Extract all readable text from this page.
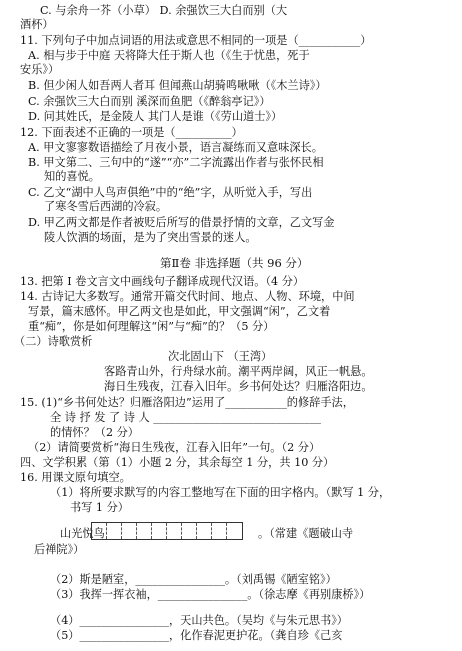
C. 与余舟一芥（小草） D. 余强饮三大白而别（大
酒杯）
11. 下列句子中加点词语的用法或意思不相同的一项是（___________）
A. 相与步于中庭 天将降大任于斯人也（《生于忧患，死于
安乐》）
B. 但少闲人如吾两人者耳 但闻燕山胡骑鸣啾啾（《木兰诗》）
C. 余强饮三大白而别 溪深而鱼肥（《醉翁亭记》）
D. 问其姓氏，是金陵人 其门人是谁（《劳山道士》）
12. 下面表述不正确的一项是（__________）
A. 甲文寥寥数语描绘了月夜小景，语言凝练而又意味深长。
B. 甲文第二、三句中的“遂”“亦”二字流露出作者与张怀民相
知的喜悦。
C. 乙文“湖中人鸟声俱绝”中的“绝”字，从听觉入手，写出
了寒冬雪后西湖的冷寂。
D. 甲乙两文都是作者被贬后所写的借景抒情的文章，乙文写金
陵人饮酒的场面，是为了突出雪景的迷人。
第Ⅱ卷 非选择题（共 96 分）
13. 把第 I 卷文言文中画线句子翻译成现代汉语。（4 分）
14. 古诗记大多数写。通常开篇交代时间、地点、人物、环境，中间
写景，篇末感怀。甲乙两文也是如此，甲文强调“闲”，乙文着
重“痴”，你是如何理解这“闲”与“痴”的？（5 分）
（二）诗歌赏析
次北固山下 （王湾）
客路青山外，行舟绿水前。潮平两岸阔，风正一帆悬。
海日生残夜，江春入旧年。乡书何处达？归雁洛阳边。
15. (1)“乡书何处达？归雁洛阳边”运用了___________的修辞手法，
全 诗 抒 发 了 诗 人 ______________________________
的情怀？（2 分）
（2）请简要赏析“海日生残夜，江春入旧年”一句。（2 分）
四、文学积累（第（1）小题 2 分，其余每空 1 分，共 10 分）
16. 用课文原句填空。
（1）将所要求默写的内容工整地写在下面的田字格内。（默写 1 分，
书写 1 分）
山光悦鸟	。（常建《题破山寺
后禅院》）
（2）斯是陋室，________________。（刘禹锡《陋室铭》）
（3）我挥一挥衣袖，________________。（徐志摩《再别康桥》）
（4）________________，天山共色。（吴均《与朱元思书》）
（5）________________，化作春泥更护花。（龚自珍《己亥
